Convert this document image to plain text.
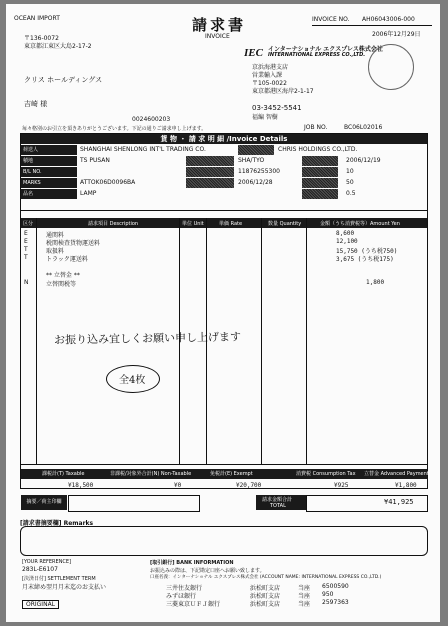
OCEAN IMPORT	請求書
INVOICE
INVOICE NO. AH06043006-000
2006年12月29日
〒136-0072
東京都江東区大島2-17-2
クリス ホールディングス
吉崎 様
IEC インターナショナル エクスプレス株式会社
INTERNATIONAL EXPRESS CO.,LTD.
京浜海港支店
営業輸入課
〒105-0022
東京都港区海岸2-1-17
03-3452-5541
福編 智樹
0024600203
毎々格別のお引立を頂きありがとうございます。下記の通りご請求申し上げます。	JOB NO.	BC06L02016
貨 物 ・ 請 求 明 細 /Invoice Details
荷送人	SHANGHAI SHENLONG INT'L TRADING CO.	CHRIS HOLDINGS CO.,LTD.
積地	TS PUSAN	SHA/TYO	2006/12/19
B/L NO.	11876255300	10
MARKS	ATTOK06D0096BA	2006/12/28	50
品名	LAMP	0.5
区分	請求項目 Description	単位 Unit	単価 Rate	数量 Quantity	金額（うち消費税等）Amount Yen
E	通関料	8,600
E	税関検査貨物運送料	12,100
T	取扱料	15,750 (うち税750)
T	トラック運送料	3,675 (うち税175)
** 立替金 **
N	立替関税等	1,800
お振り込み宜しくお願い申し上げます
全4枚
課税計(T) Taxable	非課税/対象外合計(N) Non-Taxable	免税計(E) Exempt	消費税 Consumption Tax 立替金 Advanced Payment
¥18,500	¥0	¥20,700	¥925	¥1,800
摘要／荷主印欄	請求金額合計
TOTAL	¥41,925
[請求書摘要欄] Remarks
[YOUR REFERENCE]
283L-E6107
[決済日付] SETTLEMENT TERM
月末締め翌月月末迄のお支払い
ORIGINAL
[取引銀行] BANK INFORMATION
お振込みの際は、下記勘定口座へお願い致します。
口座名義：インターナショナル エクスプレス株式会社 (ACCOUNT NAME: INTERNATIONAL EXPRESS CO.,LTD.)
三井住友銀行	浜松町支店	当座 6500590
みずほ銀行	浜松町支店	当座 950
三菱東京ＵＦＪ銀行	浜松町支店	当座 2597363
